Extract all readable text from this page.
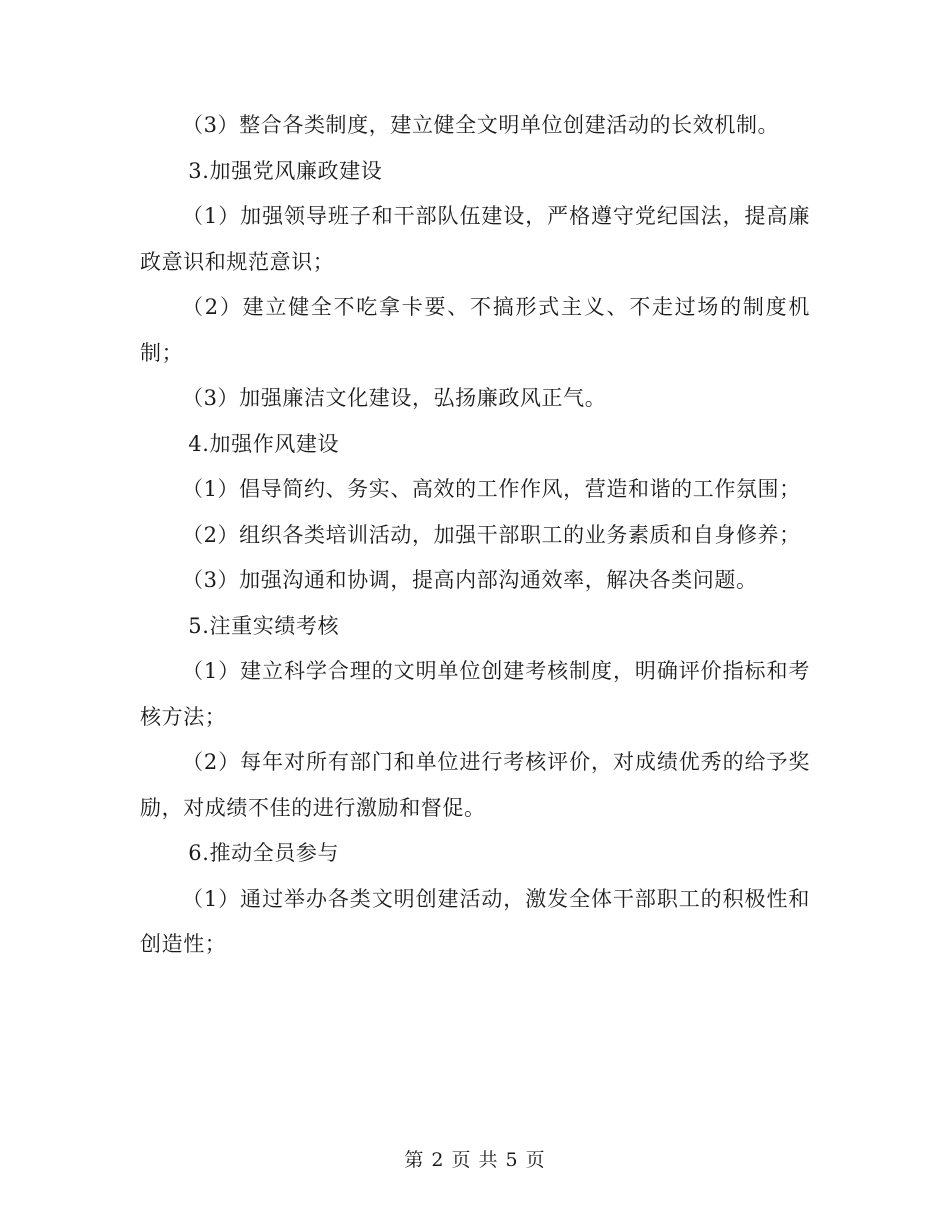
（3）整合各类制度，建立健全文明单位创建活动的长效机制。

3.加强党风廉政建设

（1）加强领导班子和干部队伍建设，严格遵守党纪国法，提高廉政意识和规范意识；

（2）建立健全不吃拿卡要、不搞形式主义、不走过场的制度机制；

（3）加强廉洁文化建设，弘扬廉政风正气。

4.加强作风建设

（1）倡导简约、务实、高效的工作作风，营造和谐的工作氛围；

（2）组织各类培训活动，加强干部职工的业务素质和自身修养；

（3）加强沟通和协调，提高内部沟通效率，解决各类问题。

5.注重实绩考核

（1）建立科学合理的文明单位创建考核制度，明确评价指标和考核方法；

（2）每年对所有部门和单位进行考核评价，对成绩优秀的给予奖励，对成绩不佳的进行激励和督促。

6.推动全员参与

（1）通过举办各类文明创建活动，激发全体干部职工的积极性和创造性；

第 2 页 共 5 页
